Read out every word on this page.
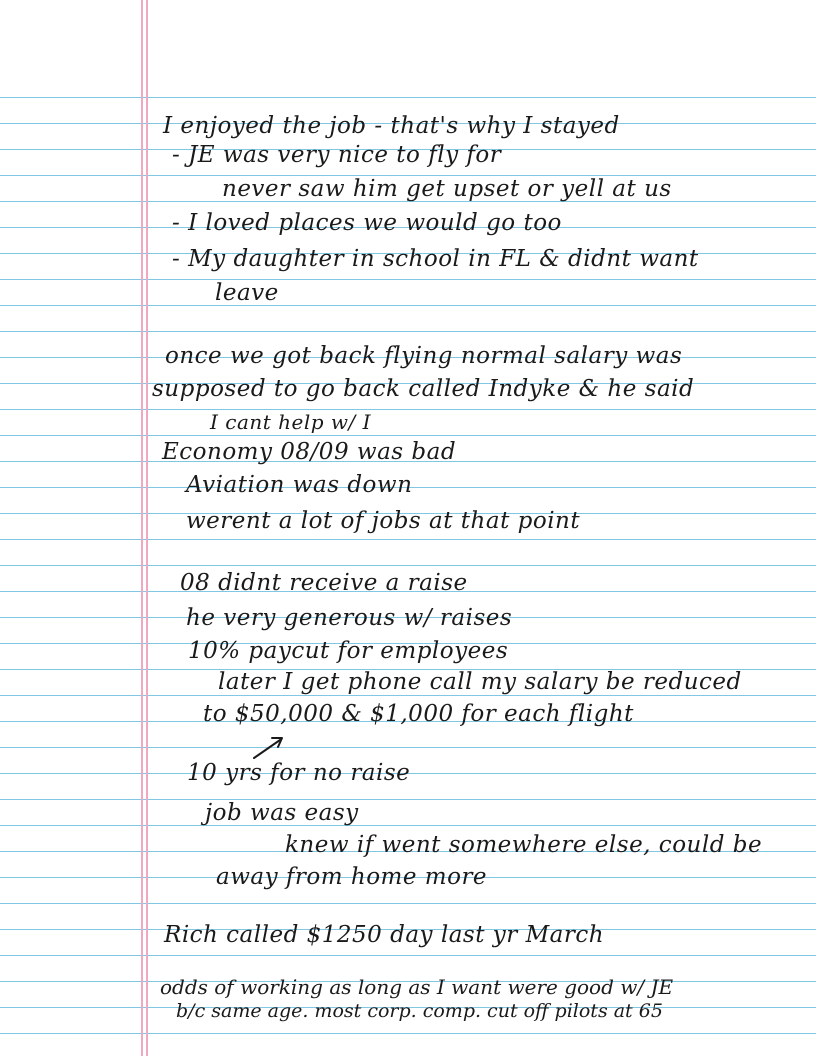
I enjoyed the job - that's why I stayed
- JE was very nice to fly for
never saw him get upset or yell at us
- I loved places we would go too
- My daughter in school in FL & didnt want
leave
once we got back flying normal salary was
supposed to go back called Indyke & he said
I cant help w/ I
Economy 08/09 was bad
Aviation was down
werent a lot of jobs at that point
08 didnt receive a raise
he very generous w/ raises
10% paycut for employees
later I get phone call my salary be reduced
to $50,000 & $1,000 for each flight
10 yrs for no raise
job was easy
knew if went somewhere else, could be
away from home more
Rich called $1250 day last yr March
odds of working as long as I want were good w/ JE
b/c same age. most corp. comp. cut off pilots at 65
